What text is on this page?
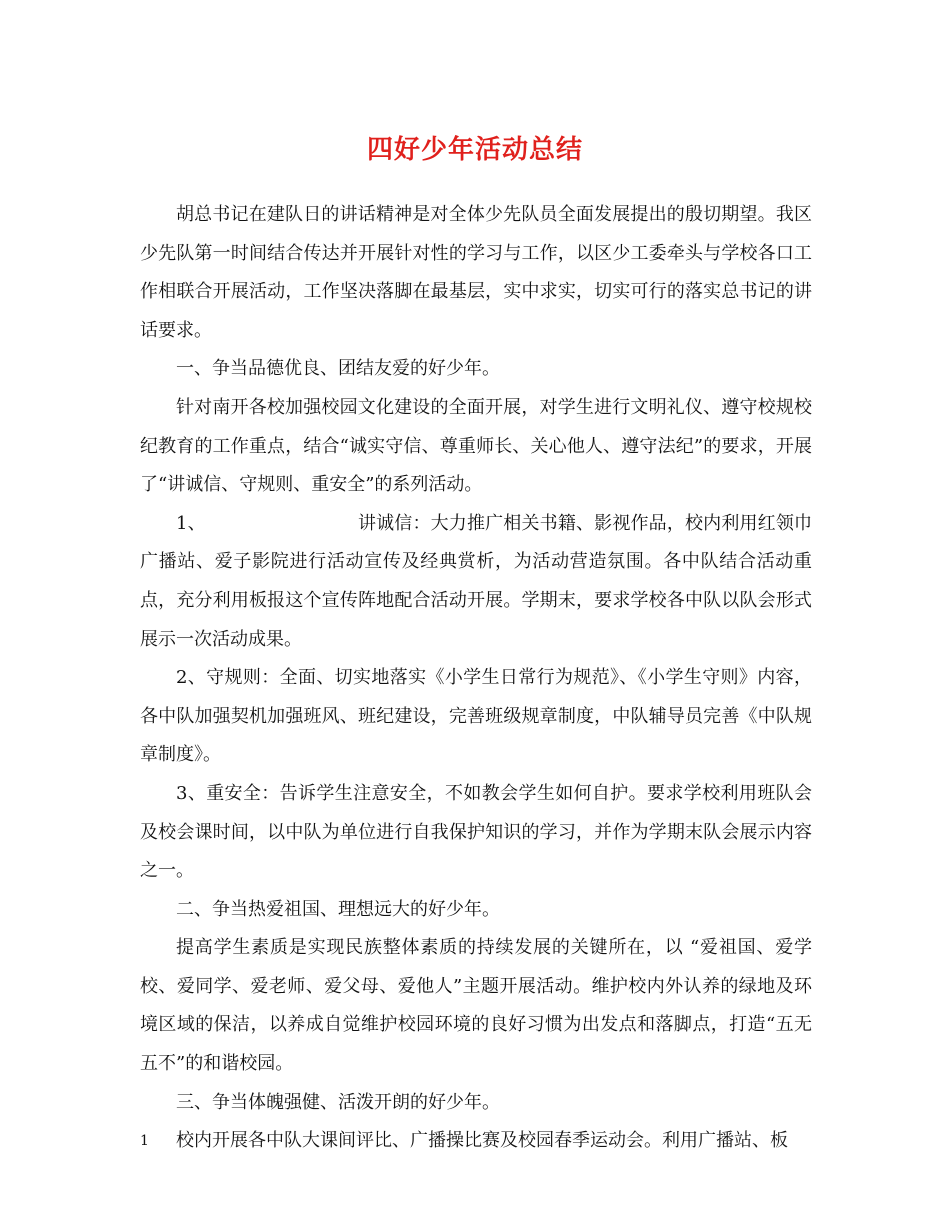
四好少年活动总结

胡总书记在建队日的讲话精神是对全体少先队员全面发展提出的殷切期望。我区少先队第一时间结合传达并开展针对性的学习与工作，以区少工委牵头与学校各口工作相联合开展活动，工作坚决落脚在最基层，实中求实，切实可行的落实总书记的讲话要求。

一、争当品德优良、团结友爱的好少年。

针对南开各校加强校园文化建设的全面开展，对学生进行文明礼仪、遵守校规校纪教育的工作重点，结合“诚实守信、尊重师长、关心他人、遵守法纪”的要求，开展了“讲诚信、守规则、重安全”的系列活动。

1、	讲诚信：大力推广相关书籍、影视作品，校内利用红领巾广播站、爱子影院进行活动宣传及经典赏析，为活动营造氛围。各中队结合活动重点，充分利用板报这个宣传阵地配合活动开展。学期末，要求学校各中队以队会形式展示一次活动成果。

2、守规则：全面、切实地落实《小学生日常行为规范》、《小学生守则》内容，各中队加强契机加强班风、班纪建设，完善班级规章制度，中队辅导员完善《中队规章制度》。

3、重安全：告诉学生注意安全，不如教会学生如何自护。要求学校利用班队会及校会课时间，以中队为单位进行自我保护知识的学习，并作为学期末队会展示内容之一。

二、争当热爱祖国、理想远大的好少年。

提高学生素质是实现民族整体素质的持续发展的关键所在，以 “爱祖国、爱学校、爱同学、爱老师、爱父母、爱他人”主题开展活动。维护校内外认养的绿地及环境区域的保洁，以养成自觉维护校园环境的良好习惯为出发点和落脚点，打造“五无五不”的和谐校园。

三、争当体魄强健、活泼开朗的好少年。

校内开展各中队大课间评比、广播操比赛及校园春季运动会。利用广播站、板

1
